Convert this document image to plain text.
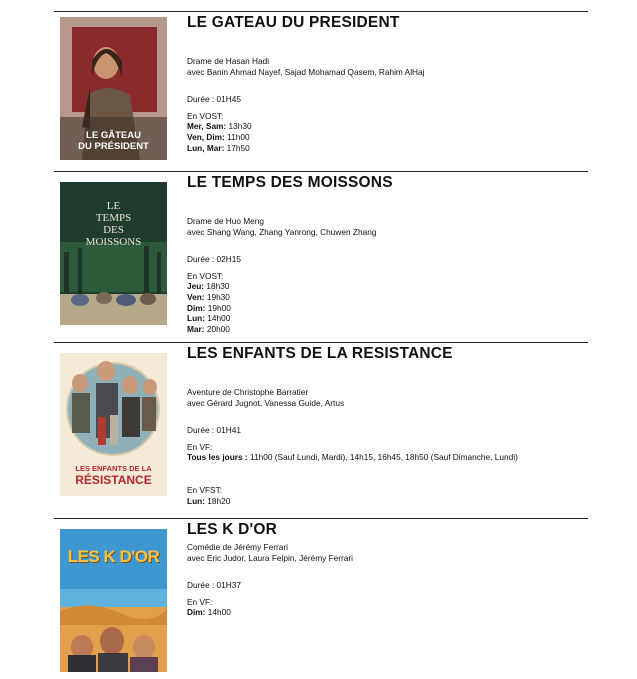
LE GÂTEAU
DU PRÉSIDENT
LE GATEAU DU PRESIDENT
Drame de Hasan Hadi
avec Banin Ahmad Nayef, Sajad Mohamad Qasem, Rahim AlHaj
Durée : 01H45
En VOST:
Mer, Sam: 13h30
Ven, Dim: 11h00
Lun, Mar: 17h50
LE
TEMPS
DES
MOISSONS
LE TEMPS DES MOISSONS
Drame de Huo Meng
avec Shang Wang, Zhang Yanrong, Chuwen Zhang
Durée : 02H15
En VOST:
Jeu: 18h30
Ven: 19h30
Dim: 19h00
Lun: 14h00
Mar: 20h00
LES ENFANTS DE LA
RÉSISTANCE
LES ENFANTS DE LA RESISTANCE
Aventure de Christophe Barratier
avec Gérard Jugnot, Vanessa Guide, Artus
Durée : 01H41
En VF:
Tous les jours : 11h00 (Sauf Lundi, Mardi), 14h15, 16h45, 18h50 (Sauf Dimanche, Lundi)
En VFST:
Lun: 18h20
LES K D'OR
LES K D'OR
Comédie de Jérémy Ferrari
avec Eric Judor, Laura Felpin, Jérémy Ferrari
Durée : 01H37
En VF:
Dim: 14h00
